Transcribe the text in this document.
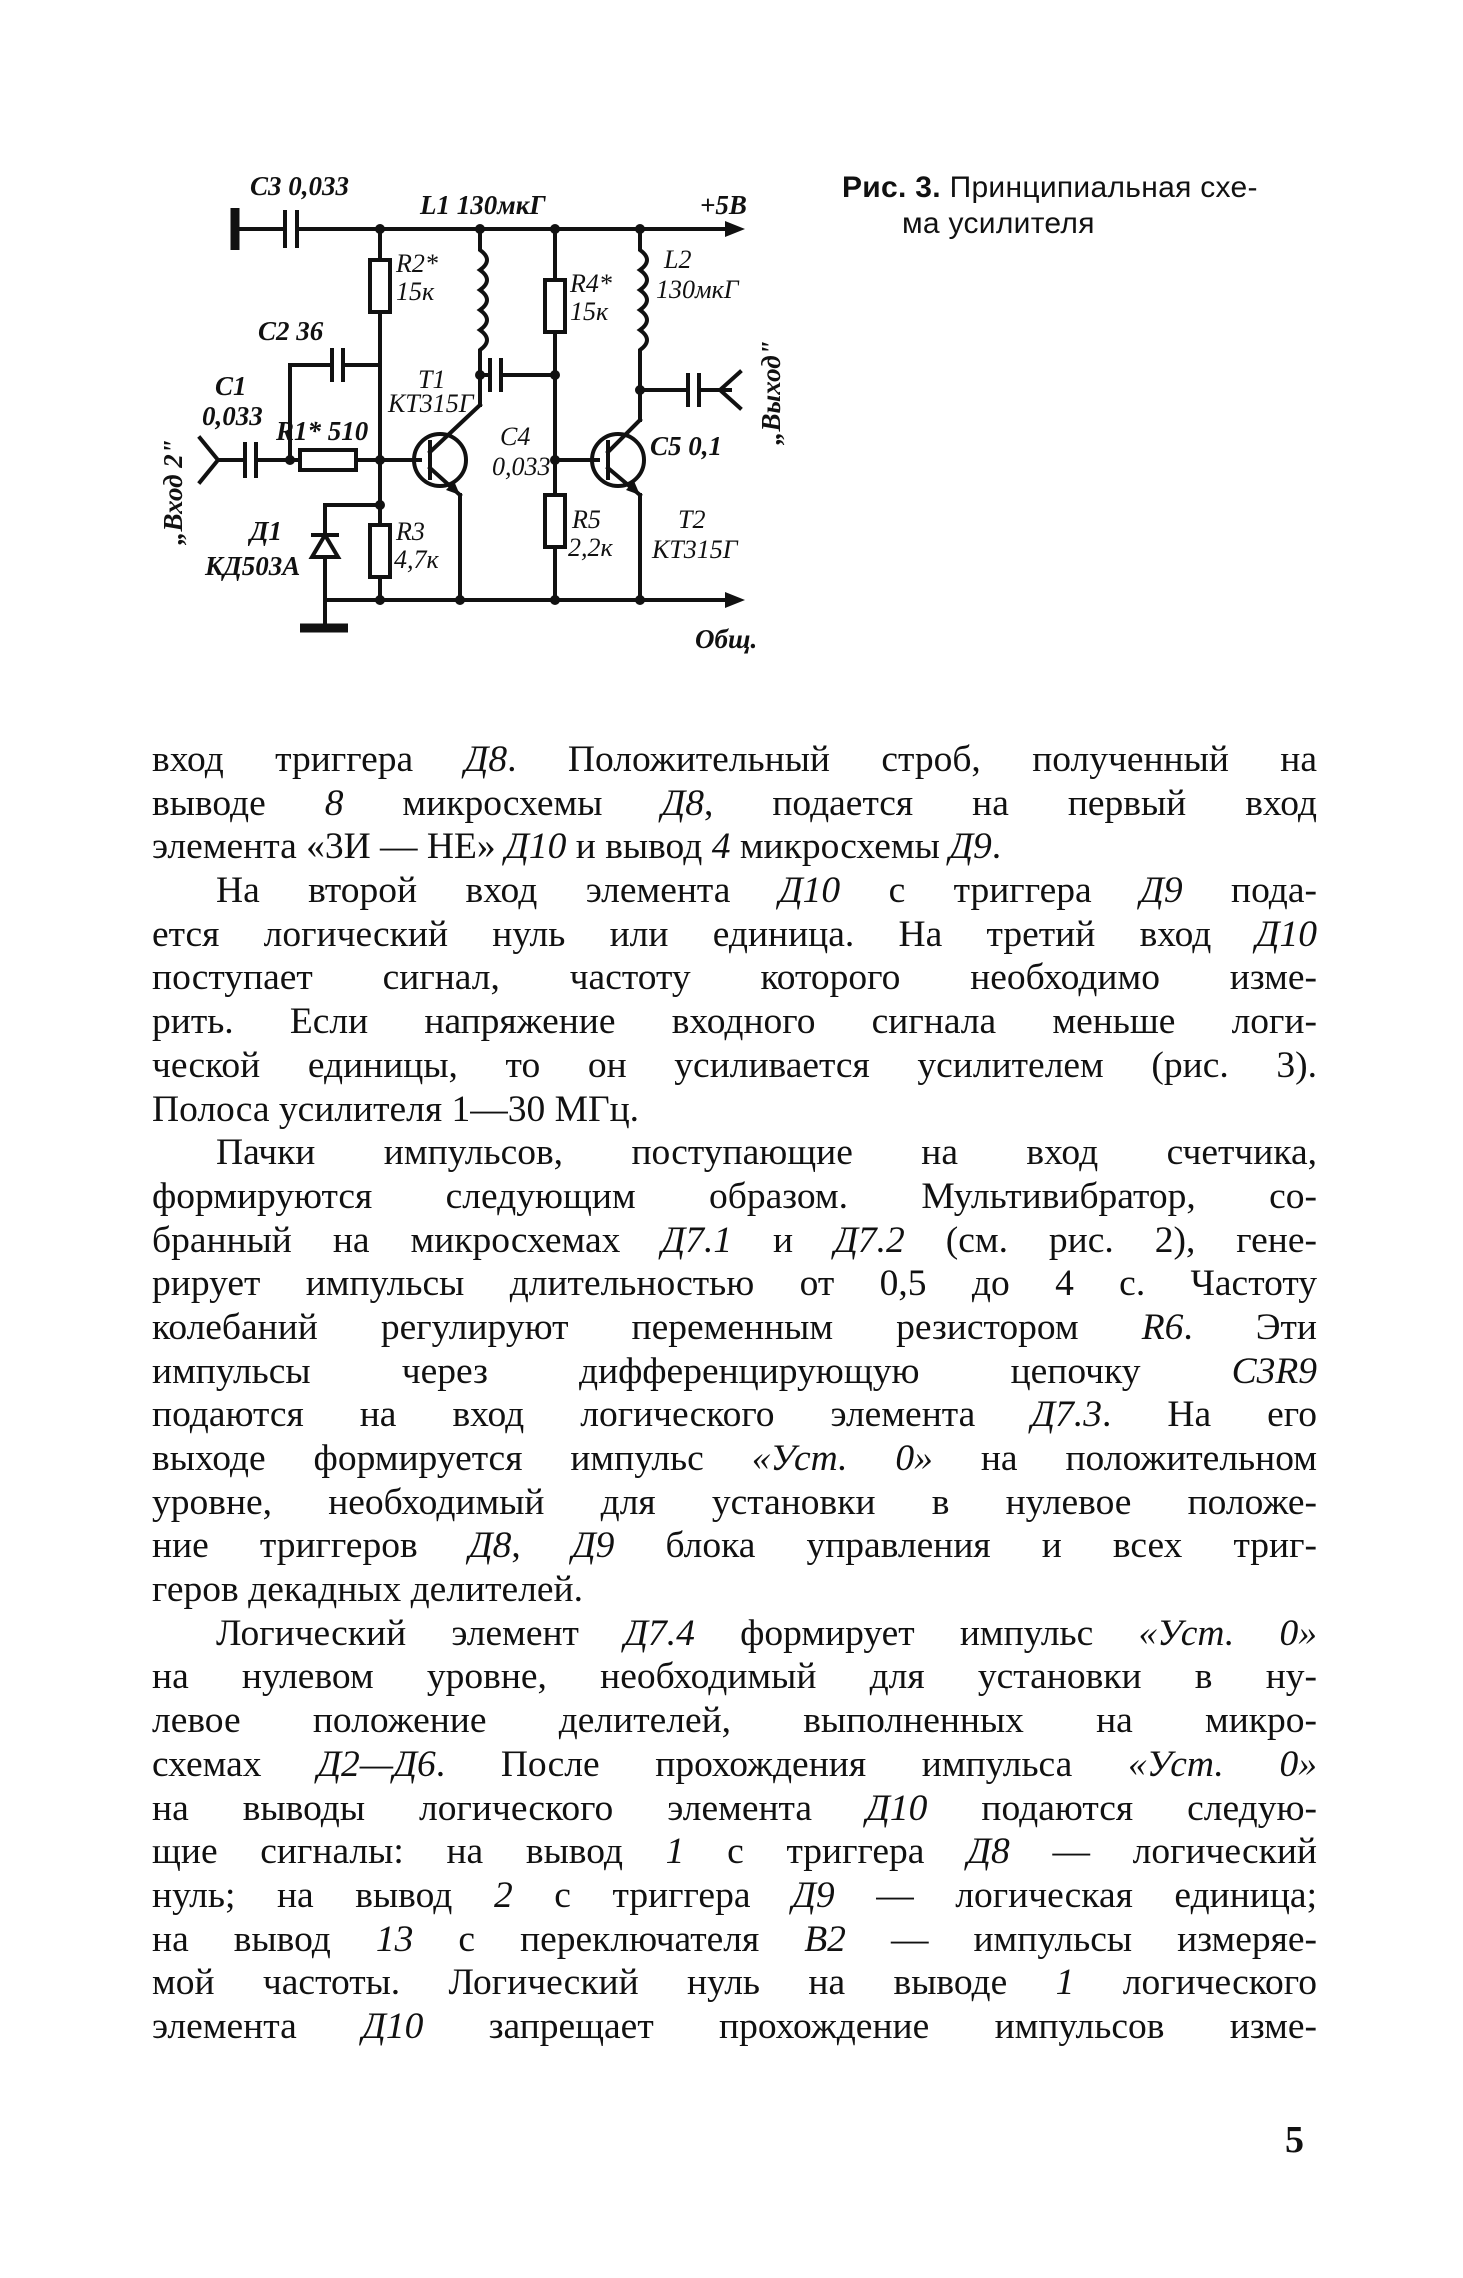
C3 0,033
L1 130мкГ	+5В
R2*
15к	R4*
15к
L2
130мкГ
C2 36
T1
КТ315Г
C1
0,033 R1* 510	C4
0,033
C5 0,1
„Вход 2"
„Выход"
Д1
КД503А
R3
4,7к
R5
2,2к
T2
КТ315Г
Общ.
Рис. 3. Принципиальная схе-
ма усилителя
вход триггера Д8. Положительный строб, полученный на
выводе 8 микросхемы Д8, подается на первый вход
элемента «3И — НЕ» Д10 и вывод 4 микросхемы Д9.
На второй вход элемента Д10 с триггера Д9 пода-
ется логический нуль или единица. На третий вход Д10
поступает сигнал, частоту которого необходимо изме-
рить. Если напряжение входного сигнала меньше логи-
ческой единицы, то он усиливается усилителем (рис. 3).
Полоса усилителя 1—30 МГц.
Пачки импульсов, поступающие на вход счетчика,
формируются следующим образом. Мультивибратор, со-
бранный на микросхемах Д7.1 и Д7.2 (см. рис. 2), гене-
рирует импульсы длительностью от 0,5 до 4 с. Частоту
колебаний регулируют переменным резистором R6. Эти
импульсы через дифференцирующую цепочку C3R9
подаются на вход логического элемента Д7.3. На его
выходе формируется импульс «Уст. 0» на положительном
уровне, необходимый для установки в нулевое положе-
ние триггеров Д8, Д9 блока управления и всех триг-
геров декадных делителей.
Логический элемент Д7.4 формирует импульс «Уст. 0»
на нулевом уровне, необходимый для установки в ну-
левое положение делителей, выполненных на микро-
схемах Д2—Д6. После прохождения импульса «Уст. 0»
на выводы логического элемента Д10 подаются следую-
щие сигналы: на вывод 1 с триггера Д8 — логический
нуль; на вывод 2 с триггера Д9 — логическая единица;
на вывод 13 с переключателя В2 — импульсы измеряе-
мой частоты. Логический нуль на выводе 1 логического
элемента Д10 запрещает прохождение импульсов изме-
5
